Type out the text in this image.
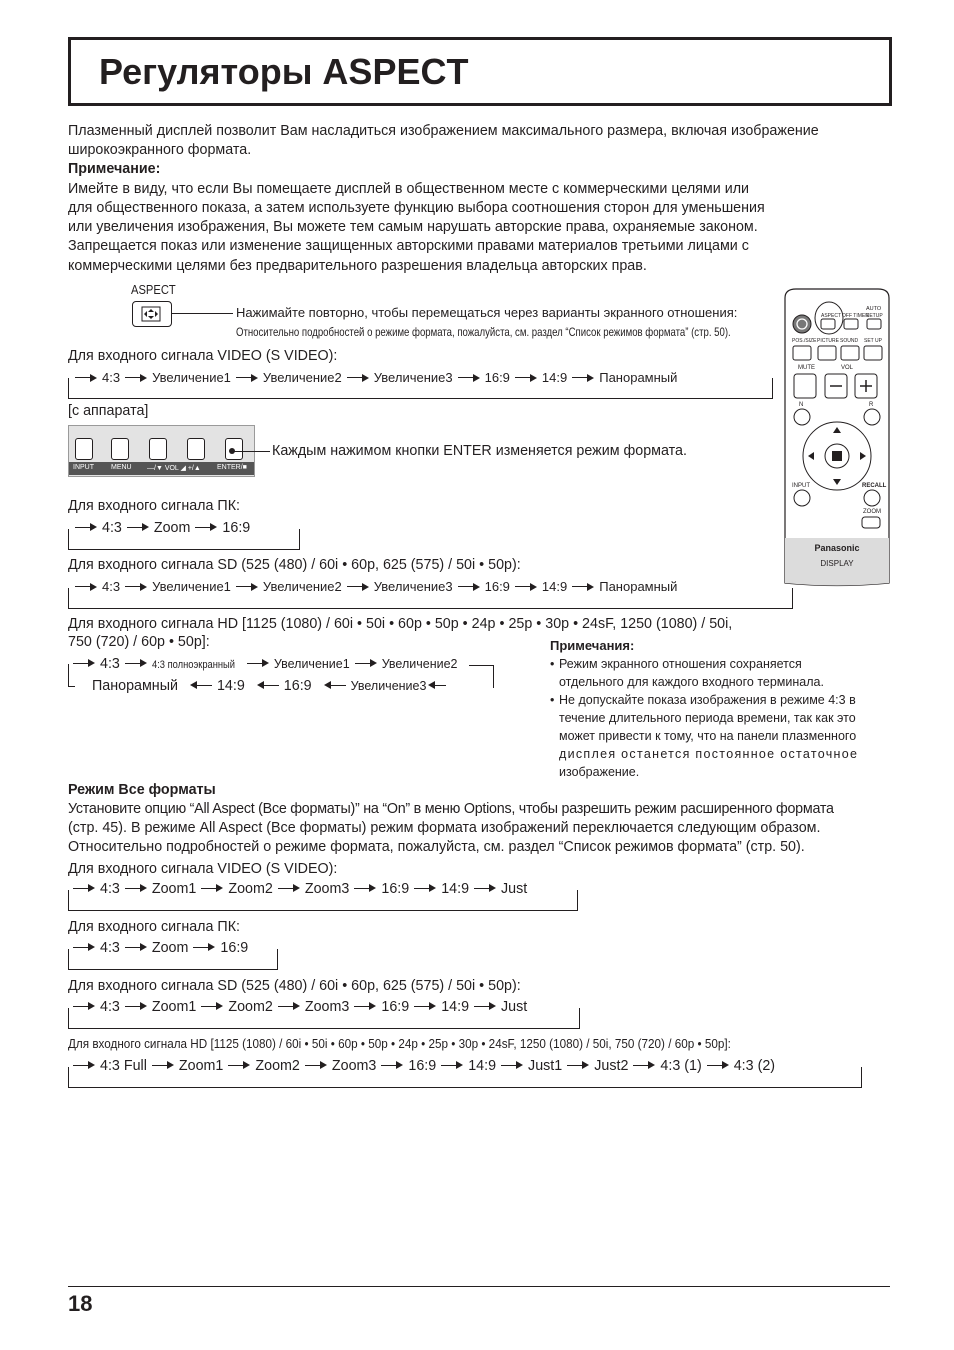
Регуляторы ASPECT
Плазменный дисплей позволит Вам насладиться изображением максимального размера, включая изображение
широкоэкранного формата.
Примечание:
Имейте в виду, что если Вы помещаете дисплей в общественном месте с коммерческими целями или
для общественного показа, а затем используете функцию выбора соотношения сторон для уменьшения
или увеличения изображения, Вы можете тем самым нарушать авторские права, охраняемые законом.
Запрещается показ или изменение защищенных авторскими правами материалов третьими лицами с
коммерческими целями без предварительного разрешения владельца авторских прав.
ASPECT
Нажимайте повторно, чтобы перемещаться через варианты экранного отношения:
Относительно подробностей о режиме формата, пожалуйста, см. раздел “Список режимов формата” (стр. 50).
Для входного сигнала VIDEO (S VIDEO):
4:3 Увеличение1 Увеличение2 Увеличение3 16:9 14:9 Панорамный
[с аппарата]
INPUT MENU —/▼ VOL ◢ +/▲ ENTER/■
Каждым нажимом кнопки ENTER изменяется режим формата.
Для входного сигнала ПК:
4:3 Zoom 16:9
Для входного сигнала SD (525 (480) / 60i • 60p, 625 (575) / 50i • 50p):
4:3 Увеличение1 Увеличение2 Увеличение3 16:9 14:9 Панорамный
Для входного сигнала HD [1125 (1080) / 60i • 50i • 60p • 50p • 24p • 25p • 30p • 24sF, 1250 (1080) / 50i,
750 (720) / 60p • 50p]:
4:3	4:3 полноэкранный	Увеличение1	Увеличение2
Панорамный	14:9	16:9	Увеличение3
Примечания:
• Режим экранного отношения сохраняется
отдельного для каждого входного терминала.
• Не допускайте показа изображения в режиме 4:3 в
течение длительного периода времени, так как это
может привести к тому, что на панели плазменного
дисплея останется постоянное остаточное
изображение.
Режим Все форматы
Установите опцию “All Aspect (Все форматы)” на “On” в меню Options, чтобы разрешить режим расширенного формата
(стр. 45). В режиме All Aspect (Все форматы) режим формата изображений переключается следующим образом.
Относительно подробностей о режиме формата, пожалуйста, см. раздел “Список режимов формата” (стр. 50).
Для входного сигнала VIDEO (S VIDEO):
4:3 Zoom1 Zoom2 Zoom3 16:9 14:9 Just
Для входного сигнала ПК:
4:3 Zoom 16:9
Для входного сигнала SD (525 (480) / 60i • 60p, 625 (575) / 50i • 50p):
4:3 Zoom1 Zoom2 Zoom3 16:9 14:9 Just
Для входного сигнала HD [1125 (1080) / 60i • 50i • 60p • 50p • 24p • 25p • 30p • 24sF, 1250 (1080) / 50i, 750 (720) / 60p • 50p]:
4:3 Full Zoom1 Zoom2 Zoom3 16:9 14:9 Just1 Just2 4:3 (1) 4:3 (2)
AUTO
ASPECT OFF TIMER
SETUP
POS./SIZE PICTURE SOUND SET UP
MUTE	VOL
N	R
INPUT	RECALL
ZOOM
Panasonic
DISPLAY
18
